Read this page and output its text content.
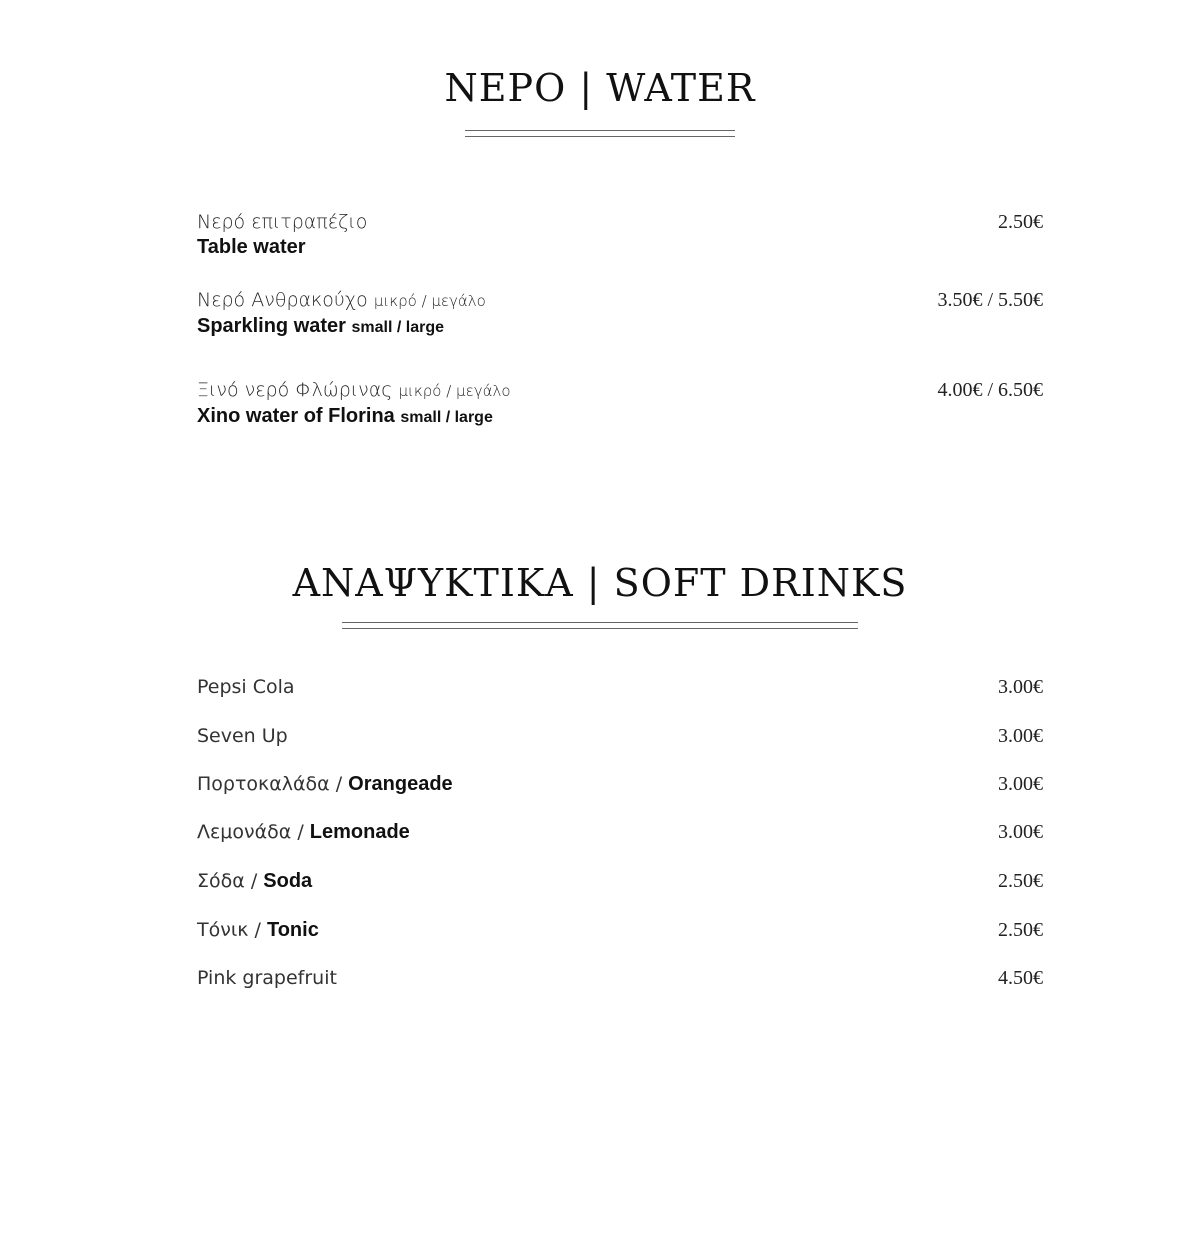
ΝΕΡΟ | WATER
Νερό επιτραπέζιο
Table water
2.50€
Νερό Ανθρακούχο μικρό / μεγάλο
Sparkling water small / large
3.50€ / 5.50€
Ξινό νερό Φλώρινας μικρό / μεγάλο
Xino water of Florina small / large
4.00€ / 6.50€
ΑΝΑΨΥΚΤΙΚΑ | SOFT DRINKS
Pepsi Cola	3.00€
Seven Up	3.00€
Πορτοκαλάδα / Orangeade	3.00€
Λεμονάδα / Lemonade	3.00€
Σόδα / Soda	2.50€
Τόνικ / Tonic	2.50€
Pink grapefruit	4.50€
